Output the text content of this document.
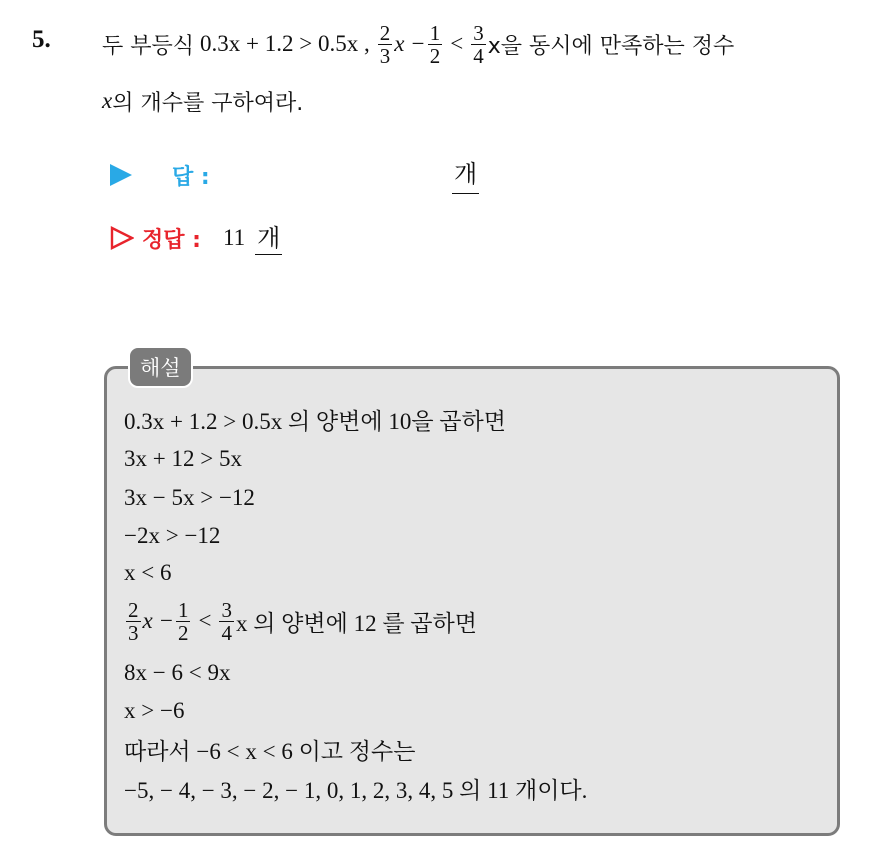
5. 두 부등식 0.3x + 1.2 > 0.5x , $\frac{2}{3}$ $x - \frac{1}{2} < \frac{3}{4}$ x을 동시에 만족하는 정수
x 의 개수를 구하여라.
답 :	개
정답 : 11 개
해설
0.3x + 1.2 > 0.5x 의 양변에 10을 곱하면
3x + 12 > 5x
3x − 5x > −12
−2x > −12
x < 6
$\frac{2}{3}$ $x - \frac{1}{2} < \frac{3}{4}$ x 의 양변에 12 를 곱하면
8x − 6 < 9x
x > −6
따라서 −6 < x < 6 이고 정수는
−5, − 4, − 3, − 2, − 1, 0, 1, 2, 3, 4, 5 의 11 개이다.
